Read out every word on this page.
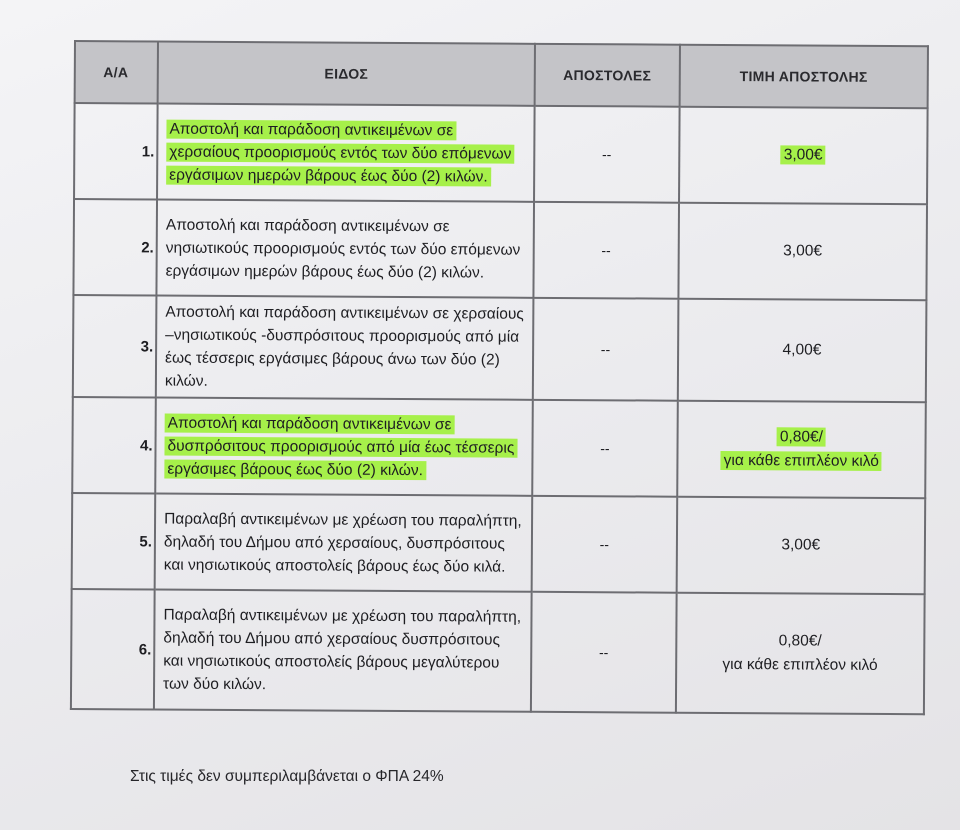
Α/Α	ΕΙΔΟΣ	ΑΠΟΣΤΟΛΕΣ	ΤΙΜΗ ΑΠΟΣΤΟΛΗΣ
1.	Αποστολή και παράδοση αντικειμένων σε χερσαίους προορισμούς εντός των δύο επόμενων εργάσιμων ημερών βάρους έως δύο (2) κιλών.	--	3,00€
2.	Αποστολή και παράδοση αντικειμένων σε νησιωτικούς προορισμούς εντός των δύο επόμενων εργάσιμων ημερών βάρους έως δύο (2) κιλών.	--	3,00€
3.	Αποστολή και παράδοση αντικειμένων σε χερσαίους –νησιωτικούς -δυσπρόσιτους προορισμούς από μία έως τέσσερις εργάσιμες βάρους άνω των δύο (2) κιλών.	--	4,00€
4.	Αποστολή και παράδοση αντικειμένων σε δυσπρόσιτους προορισμούς από μία έως τέσσερις εργάσιμες βάρους έως δύο (2) κιλών.	--	0,80€/
για κάθε επιπλέον κιλό
5.	Παραλαβή αντικειμένων με χρέωση του παραλήπτη, δηλαδή του Δήμου από χερσαίους, δυσπρόσιτους και νησιωτικούς αποστολείς βάρους έως δύο κιλά.	--	3,00€
6.	Παραλαβή αντικειμένων με χρέωση του παραλήπτη, δηλαδή του Δήμου από χερσαίους δυσπρόσιτους και νησιωτικούς αποστολείς βάρους μεγαλύτερου των δύο κιλών.	--	0,80€/
για κάθε επιπλέον κιλό
Στις τιμές δεν συμπεριλαμβάνεται ο ΦΠΑ 24%
